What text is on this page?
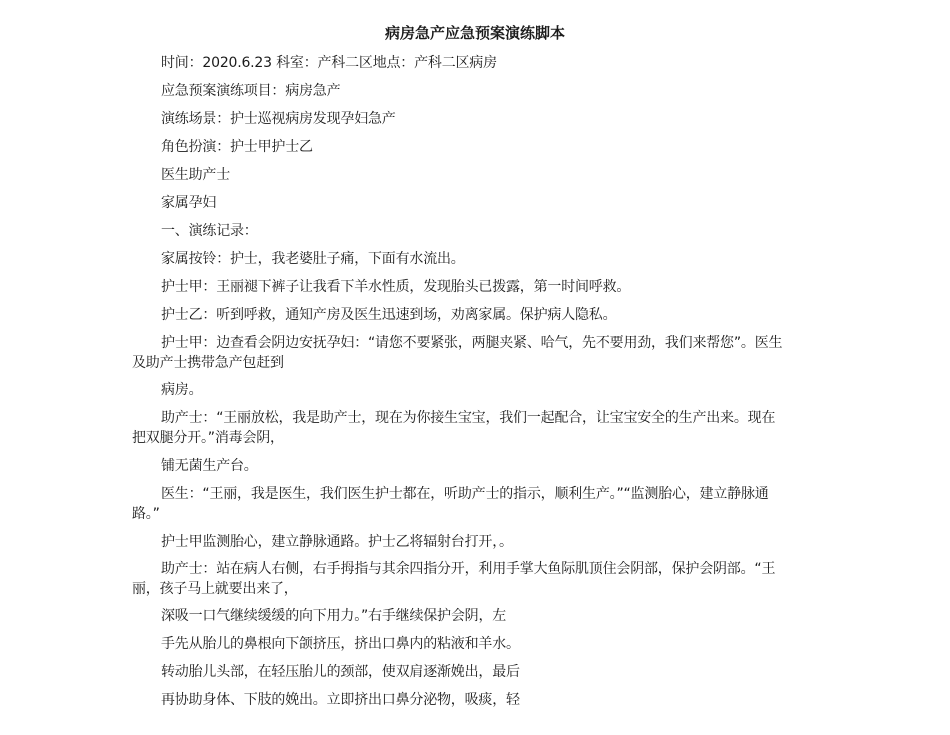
病房急产应急预案演练脚本
时间：2020.6.23 科室：产科二区地点：产科二区病房
应急预案演练项目：病房急产
演练场景：护士巡视病房发现孕妇急产
角色扮演：护士甲护士乙
医生助产士
家属孕妇
一、演练记录：
家属按铃：护士，我老婆肚子痛，下面有水流出。
护士甲：王丽褪下裤子让我看下羊水性质，发现胎头已拨露，第一时间呼救。
护士乙：听到呼救，通知产房及医生迅速到场，劝离家属。保护病人隐私。
护士甲：边查看会阴边安抚孕妇：“请您不要紧张，两腿夹紧、哈气，先不要用劲，我们来帮您”。医生及助产士携带急产包赶到
病房。
助产士：“王丽放松，我是助产士，现在为你接生宝宝，我们一起配合，让宝宝安全的生产出来。现在把双腿分开。”消毒会阴，
铺无菌生产台。
医生：“王丽，我是医生，我们医生护士都在，听助产士的指示，顺利生产。”“监测胎心，建立静脉通路。”
护士甲监测胎心，建立静脉通路。护士乙将辐射台打开，。
助产士：站在病人右侧，右手拇指与其余四指分开，利用手掌大鱼际肌顶住会阴部，保护会阴部。“王丽，孩子马上就要出来了，
深吸一口气继续缓缓的向下用力。”右手继续保护会阴，左
手先从胎儿的鼻根向下颌挤压，挤出口鼻内的粘液和羊水。
转动胎儿头部，在轻压胎儿的颈部，使双肩逐渐娩出，最后
再协助身体、下肢的娩出。立即挤出口鼻分泌物，吸痰，轻
